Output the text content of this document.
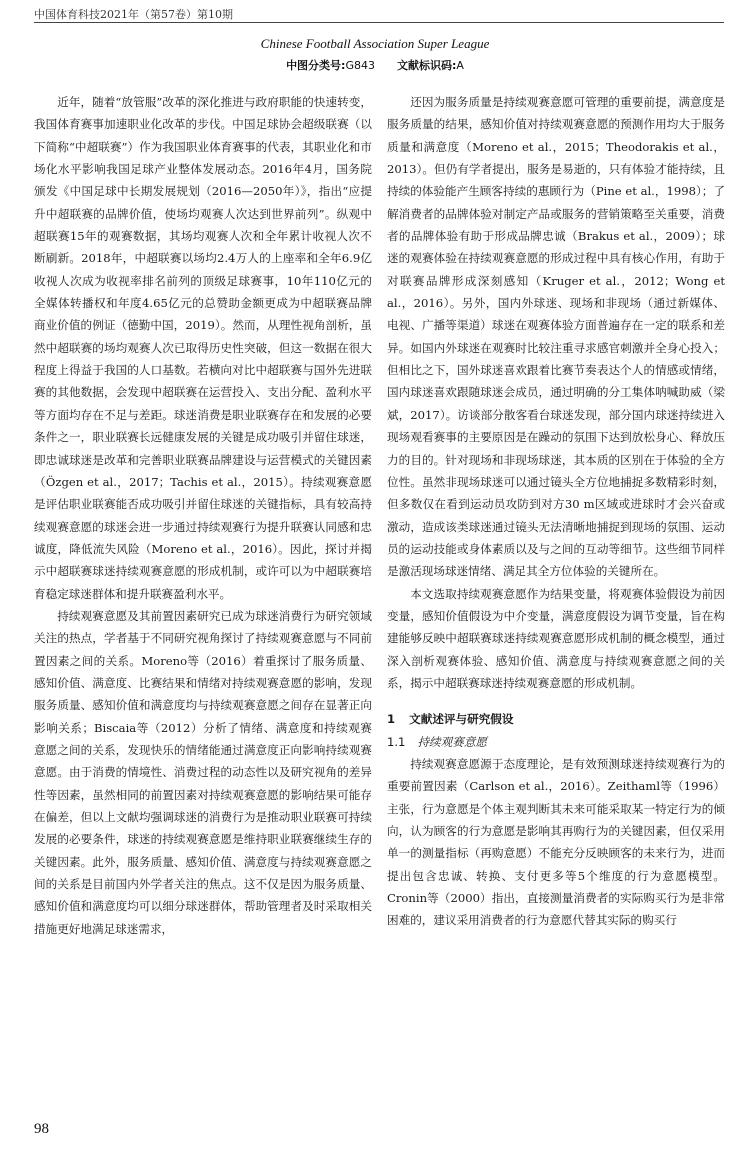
中国体育科技2021年（第57卷）第10期
Chinese Football Association Super League
中图分类号:G843 文献标识码:A

近年，随着“放管服”改革的深化推进与政府职能的快速转变，我国体育赛事加速职业化改革的步伐。中国足球协会超级联赛（以下简称“中超联赛”）作为我国职业体育赛事的代表，其职业化和市场化水平影响我国足球产业整体发展动态。2016年4月，国务院颁发《中国足球中长期发展规划（2016—2050年）》，指出“应提升中超联赛的品牌价值，使场均观赛人次达到世界前列”。纵观中超联赛15年的观赛数据，其场均观赛人次和全年累计收视人次不断刷新。2018年，中超联赛以场均2.4万人的上座率和全年6.9亿收视人次成为收视率排名前列的顶级足球赛事，10年110亿元的全媒体转播权和年度4.65亿元的总赞助金额更成为中超联赛品牌商业价值的例证（德勤中国，2019）。然而，从理性视角剖析，虽然中超联赛的场均观赛人次已取得历史性突破，但这一数据在很大程度上得益于我国的人口基数。若横向对比中超联赛与国外先进联赛的其他数据，会发现中超联赛在运营投入、支出分配、盈利水平等方面均存在不足与差距。球迷消费是职业联赛存在和发展的必要条件之一，职业联赛长远健康发展的关键是成功吸引并留住球迷，即忠诚球迷是改革和完善职业联赛品牌建设与运营模式的关键因素（Özgen et al.，2017；Tachis et al.，2015）。持续观赛意愿是评估职业联赛能否成功吸引并留住球迷的关键指标，具有较高持续观赛意愿的球迷会进一步通过持续观赛行为提升联赛认同感和忠诚度，降低流失风险（Moreno et al.，2016）。因此，探讨并揭示中超联赛球迷持续观赛意愿的形成机制，或许可以为中超联赛培育稳定球迷群体和提升联赛盈利水平。

持续观赛意愿及其前置因素研究已成为球迷消费行为研究领域关注的热点，学者基于不同研究视角探讨了持续观赛意愿与不同前置因素之间的关系。Moreno等（2016）着重探讨了服务质量、感知价值、满意度、比赛结果和情绪对持续观赛意愿的影响，发现服务质量、感知价值和满意度均与持续观赛意愿之间存在显著正向影响关系；Biscaia等（2012）分析了情绪、满意度和持续观赛意愿之间的关系，发现快乐的情绪能通过满意度正向影响持续观赛意愿。由于消费的情境性、消费过程的动态性以及研究视角的差异性等因素，虽然相同的前置因素对持续观赛意愿的影响结果可能存在偏差，但以上文献均强调球迷的消费行为是推动职业联赛可持续发展的必要条件，球迷的持续观赛意愿是维持职业联赛继续生存的关键因素。此外，服务质量、感知价值、满意度与持续观赛意愿之间的关系是目前国内外学者关注的焦点。这不仅是因为服务质量、感知价值和满意度均可以细分球迷群体，帮助管理者及时采取相关措施更好地满足球迷需求，

还因为服务质量是持续观赛意愿可管理的重要前提，满意度是服务质量的结果，感知价值对持续观赛意愿的预测作用均大于服务质量和满意度（Moreno et al.，2015；Theodorakis et al.，2013）。但仍有学者提出，服务是易逝的，只有体验才能持续，且持续的体验能产生顾客持续的惠顾行为（Pine et al.，1998）；了解消费者的品牌体验对制定产品或服务的营销策略至关重要，消费者的品牌体验有助于形成品牌忠诚（Brakus et al.，2009）；球迷的观赛体验在持续观赛意愿的形成过程中具有核心作用，有助于对联赛品牌形成深刻感知（Kruger et al.，2012；Wong et al.，2016）。另外，国内外球迷、现场和非现场（通过新媒体、电视、广播等渠道）球迷在观赛体验方面普遍存在一定的联系和差异。如国内外球迷在观赛时比较注重寻求感官刺激并全身心投入；但相比之下，国外球迷喜欢跟着比赛节奏表达个人的情感或情绪，国内球迷喜欢跟随球迷会成员，通过明确的分工集体呐喊助威（梁斌，2017）。访谈部分散客看台球迷发现，部分国内球迷持续进入现场观看赛事的主要原因是在躁动的氛围下达到放松身心、释放压力的目的。针对现场和非现场球迷，其本质的区别在于体验的全方位性。虽然非现场球迷可以通过镜头全方位地捕捉多数精彩时刻，但多数仅在看到运动员攻防到对方30 m区域或进球时才会兴奋或激动，造成该类球迷通过镜头无法清晰地捕捉到现场的氛围、运动员的运动技能或身体素质以及与之间的互动等细节。这些细节同样是激活现场球迷情绪、满足其全方位体验的关键所在。

本文选取持续观赛意愿作为结果变量，将观赛体验假设为前因变量，感知价值假设为中介变量，满意度假设为调节变量，旨在构建能够反映中超联赛球迷持续观赛意愿形成机制的概念模型，通过深入剖析观赛体验、感知价值、满意度与持续观赛意愿之间的关系，揭示中超联赛球迷持续观赛意愿的形成机制。

1 文献述评与研究假设
1.1 持续观赛意愿

持续观赛意愿源于态度理论，是有效预测球迷持续观赛行为的重要前置因素（Carlson et al.，2016）。Zeithaml等（1996）主张，行为意愿是个体主观判断其未来可能采取某一特定行为的倾向，认为顾客的行为意愿是影响其再购行为的关键因素，但仅采用单一的测量指标（再购意愿）不能充分反映顾客的未来行为，进而提出包含忠诚、转换、支付更多等5个维度的行为意愿模型。Cronin等（2000）指出，直接测量消费者的实际购买行为是非常困难的，建议采用消费者的行为意愿代替其实际的购买行

98
